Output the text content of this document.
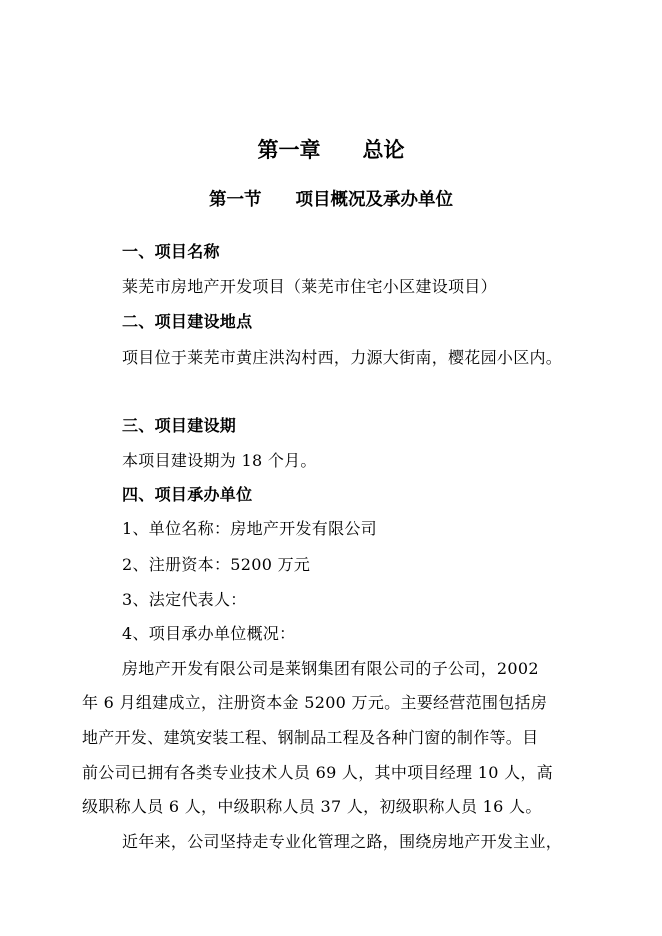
第一章 总论
第一节 项目概况及承办单位
一、项目名称
莱芜市房地产开发项目（莱芜市住宅小区建设项目）
二、项目建设地点
项目位于莱芜市黄庄洪沟村西，力源大街南，樱花园小区内。
三、项目建设期
本项目建设期为 18 个月。
四、项目承办单位
1、单位名称：房地产开发有限公司
2、注册资本：5200 万元
3、法定代表人：
4、项目承办单位概况：
房地产开发有限公司是莱钢集团有限公司的子公司，2002
年 6 月组建成立，注册资本金 5200 万元。主要经营范围包括房
地产开发、建筑安装工程、钢制品工程及各种门窗的制作等。目
前公司已拥有各类专业技术人员 69 人，其中项目经理 10 人，高
级职称人员 6 人，中级职称人员 37 人，初级职称人员 16 人。
近年来，公司坚持走专业化管理之路，围绕房地产开发主业，
